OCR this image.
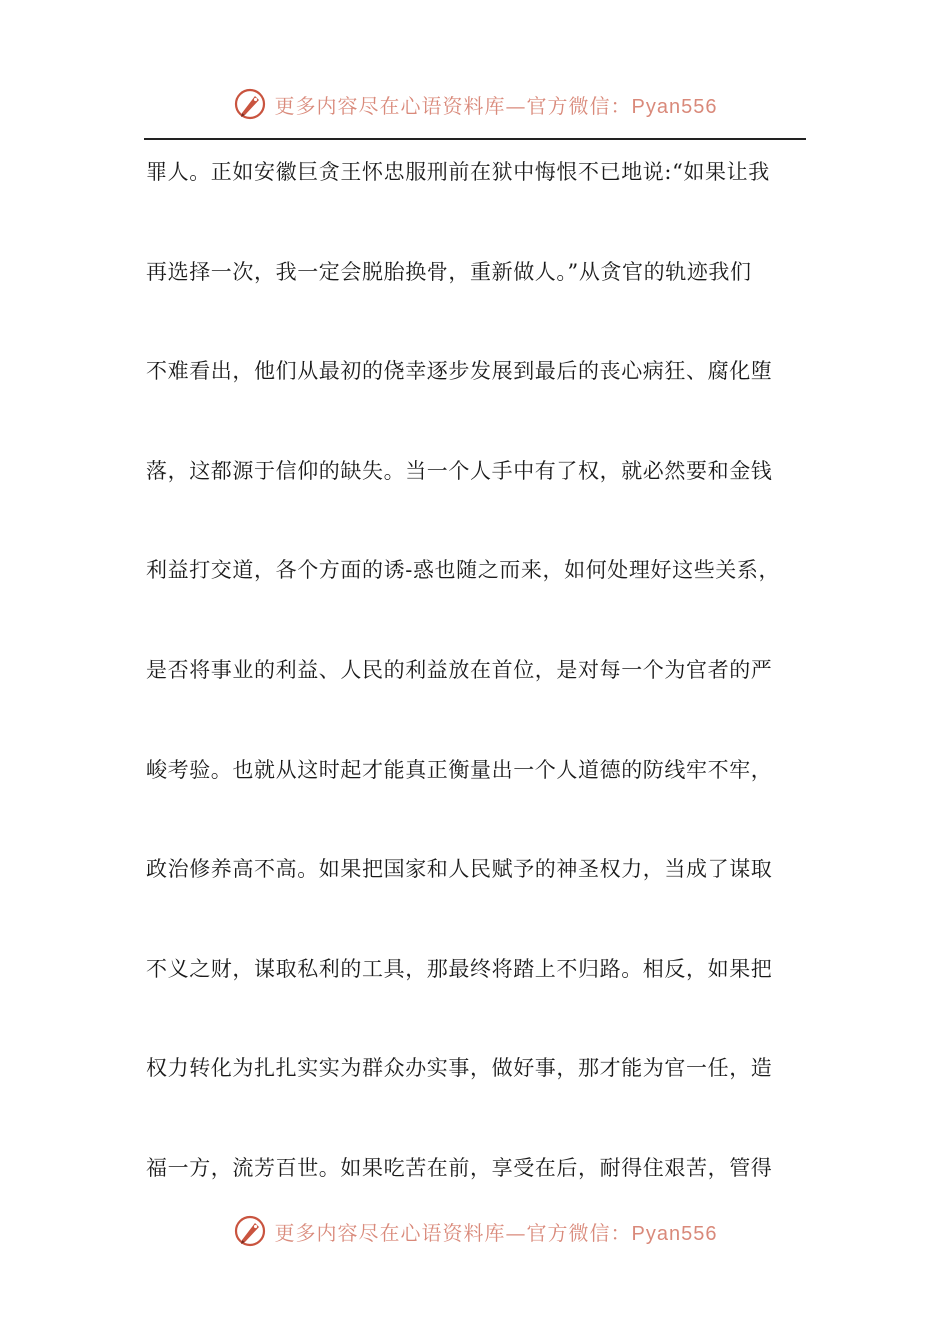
更多内容尽在心语资料库—官方微信：Pyan556
罪人。正如安徽巨贪王怀忠服刑前在狱中悔恨不已地说:“如果让我
再选择一次，我一定会脱胎换骨，重新做人。”从贪官的轨迹我们
不难看出，他们从最初的侥幸逐步发展到最后的丧心病狂、腐化堕
落，这都源于信仰的缺失。当一个人手中有了权，就必然要和金钱
利益打交道，各个方面的诱-惑也随之而来，如何处理好这些关系，
是否将事业的利益、人民的利益放在首位，是对每一个为官者的严
峻考验。也就从这时起才能真正衡量出一个人道德的防线牢不牢，
政治修养高不高。如果把国家和人民赋予的神圣权力，当成了谋取
不义之财，谋取私利的工具，那最终将踏上不归路。相反，如果把
权力转化为扎扎实实为群众办实事，做好事，那才能为官一任，造
福一方，流芳百世。如果吃苦在前，享受在后，耐得住艰苦，管得
更多内容尽在心语资料库—官方微信：Pyan556
